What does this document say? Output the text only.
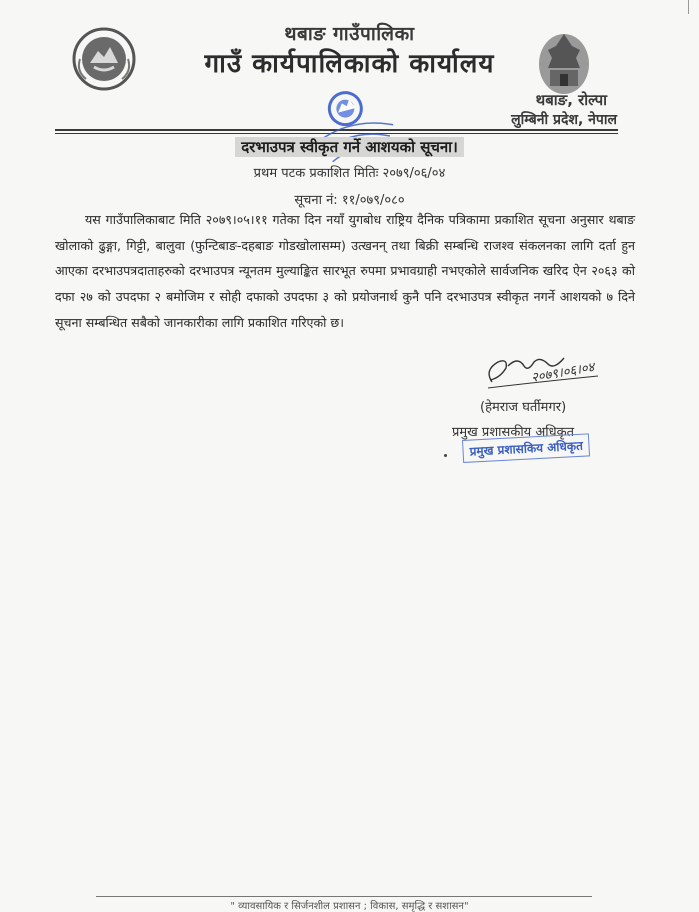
थबाङ गाउँपालिका
गाउँ कार्यपालिकाको कार्यालय
थबाङ, रोल्पा
लुम्बिनी प्रदेश, नेपाल
दरभाउपत्र स्वीकृत गर्ने आशयको सूचना।
प्रथम पटक प्रकाशित मितिः २०७९/०६/०४
सूचना नं: ११/०७९/०८०

यस गाउँपालिकाबाट मिति २०७९।०५।११ गतेका दिन नयाँ युगबोध राष्ट्रिय दैनिक पत्रिकामा प्रकाशित सूचना अनुसार थबाङ खोलाको ढुङ्गा, गिट्टी, बालुवा (फुन्टिबाङ-दहबाङ गोडखोलासम्म) उत्खनन् तथा बिक्री सम्बन्धि राजश्व संकलनका लागि दर्ता हुन आएका दरभाउपत्रदाताहरुको दरभाउपत्र न्यूनतम मुल्याङ्कित सारभूत रुपमा प्रभावग्राही नभएकोले सार्वजनिक खरिद ऐन २०६३ को दफा २७ को उपदफा २ बमोजिम र सोही दफाको उपदफा ३ को प्रयोजनार्थ कुनै पनि दरभाउपत्र स्वीकृत नगर्ने आशयको ७ दिने सूचना सम्बन्धित सबैको जानकारीका लागि प्रकाशित गरिएको छ।

२०७९।०६।०४
(हेमराज घर्तीमगर)
प्रमुख प्रशासकीय अधिकृत
प्रमुख प्रशासकिय अधिकृत
" व्यावसायिक र सिर्जनशील प्रशासन ; विकास, समृद्धि र सशासन"
